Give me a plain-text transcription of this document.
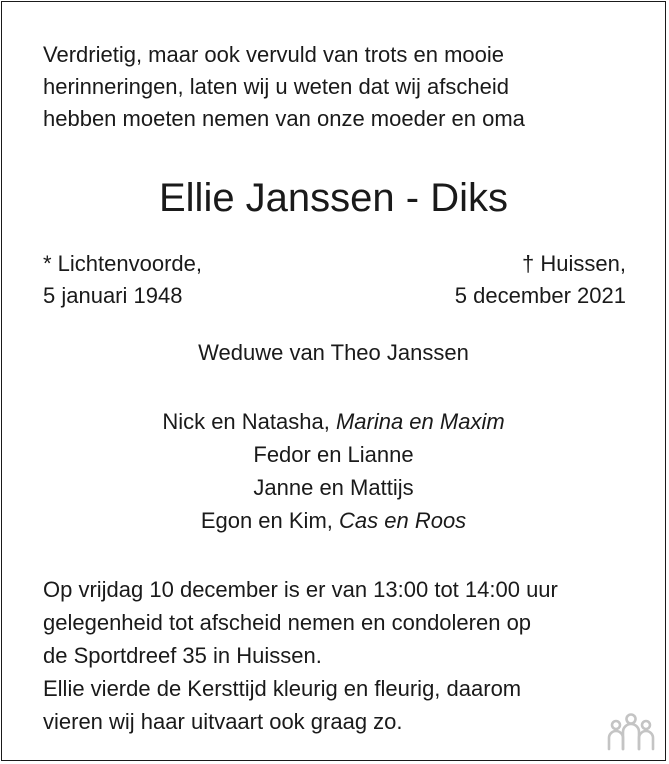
Verdrietig, maar ook vervuld van trots en mooie
herinneringen, laten wij u weten dat wij afscheid
hebben moeten nemen van onze moeder en oma

Ellie Janssen - Diks
* Lichtenvoorde,
5 januari 1948
† Huissen,
5 december 2021
Weduwe van Theo Janssen
Nick en Natasha, Marina en Maxim
Fedor en Lianne
Janne en Mattijs
Egon en Kim, Cas en Roos
Op vrijdag 10 december is er van 13:00 tot 14:00 uur
gelegenheid tot afscheid nemen en condoleren op
de Sportdreef 35 in Huissen.
Ellie vierde de Kersttijd kleurig en fleurig, daarom
vieren wij haar uitvaart ook graag zo.
